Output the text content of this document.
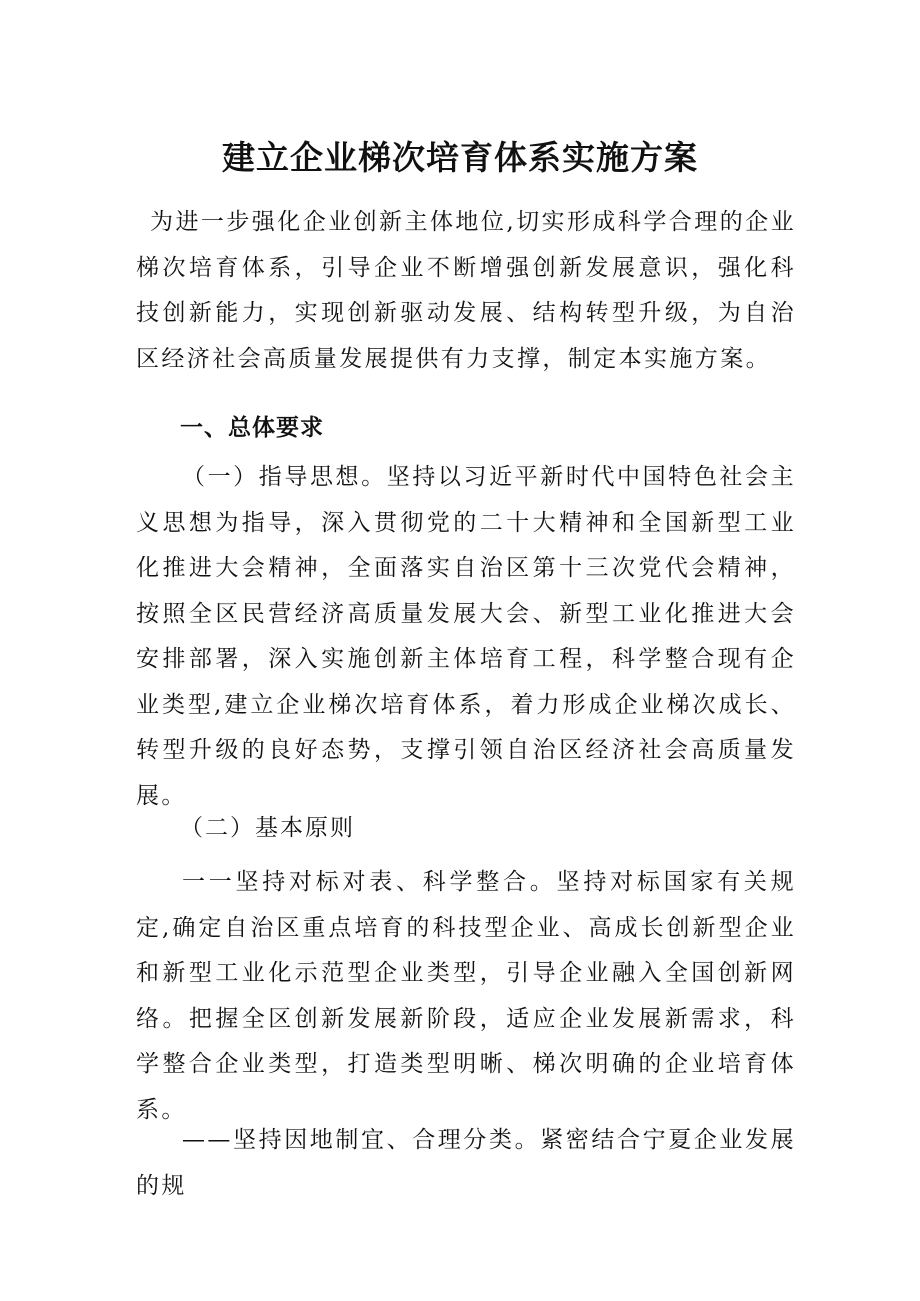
建立企业梯次培育体系实施方案

为进一步强化企业创新主体地位,切实形成科学合理的企业梯次培育体系，引导企业不断增强创新发展意识，强化科技创新能力，实现创新驱动发展、结构转型升级，为自治区经济社会高质量发展提供有力支撑，制定本实施方案。

一、总体要求

（一）指导思想。坚持以习近平新时代中国特色社会主义思想为指导，深入贯彻党的二十大精神和全国新型工业化推进大会精神，全面落实自治区第十三次党代会精神，按照全区民营经济高质量发展大会、新型工业化推进大会安排部署，深入实施创新主体培育工程，科学整合现有企业类型,建立企业梯次培育体系，着力形成企业梯次成长、转型升级的良好态势，支撑引领自治区经济社会高质量发展。

（二）基本原则

一一坚持对标对表、科学整合。坚持对标国家有关规定,确定自治区重点培育的科技型企业、高成长创新型企业和新型工业化示范型企业类型，引导企业融入全国创新网络。把握全区创新发展新阶段，适应企业发展新需求，科学整合企业类型，打造类型明晰、梯次明确的企业培育体系。

——坚持因地制宜、合理分类。紧密结合宁夏企业发展的规
